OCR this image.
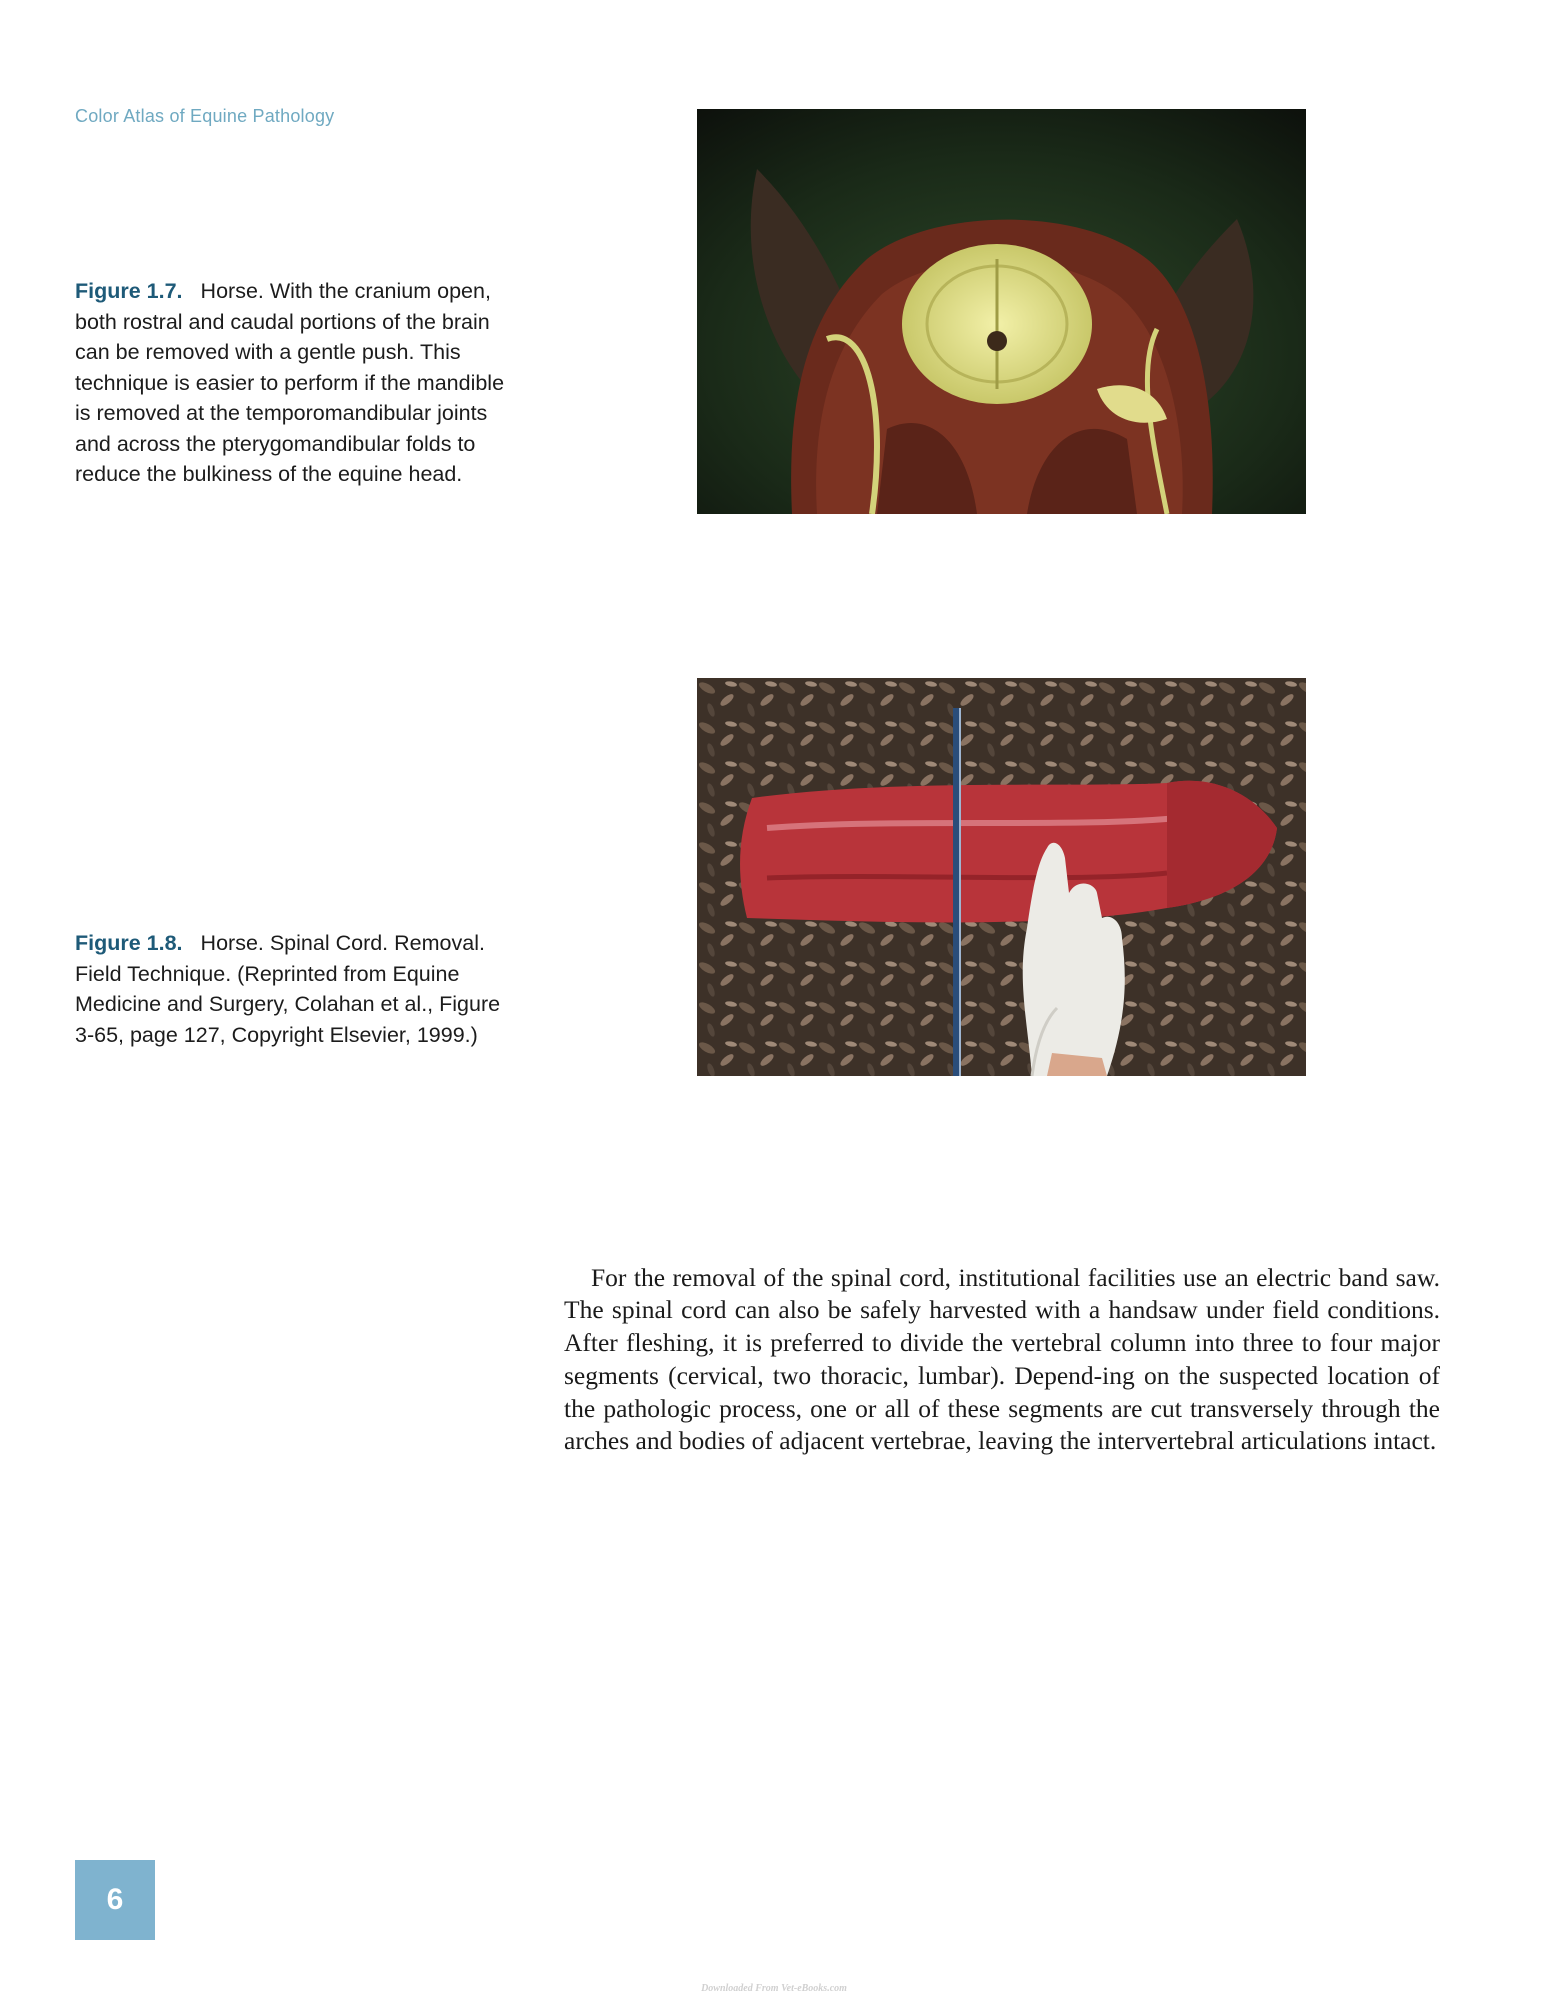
Color Atlas of Equine Pathology
Figure 1.7. Horse. With the cranium open, both rostral and caudal portions of the brain can be removed with a gentle push. This technique is easier to perform if the mandible is removed at the temporomandibular joints and across the pterygomandibular folds to reduce the bulkiness of the equine head.
Figure 1.8. Horse. Spinal Cord. Removal. Field Technique. (Reprinted from Equine Medicine and Surgery, Colahan et al., Figure 3-65, page 127, Copyright Elsevier, 1999.)

For the removal of the spinal cord, institutional facilities use an electric band saw. The spinal cord can also be safely harvested with a handsaw under field conditions. After fleshing, it is preferred to divide the vertebral column into three to four major segments (cervical, two thoracic, lumbar). Depend-ing on the suspected location of the pathologic process, one or all of these segments are cut transversely through the arches and bodies of adjacent vertebrae, leaving the intervertebral articulations intact.

6
Downloaded From Vet-eBooks.com
